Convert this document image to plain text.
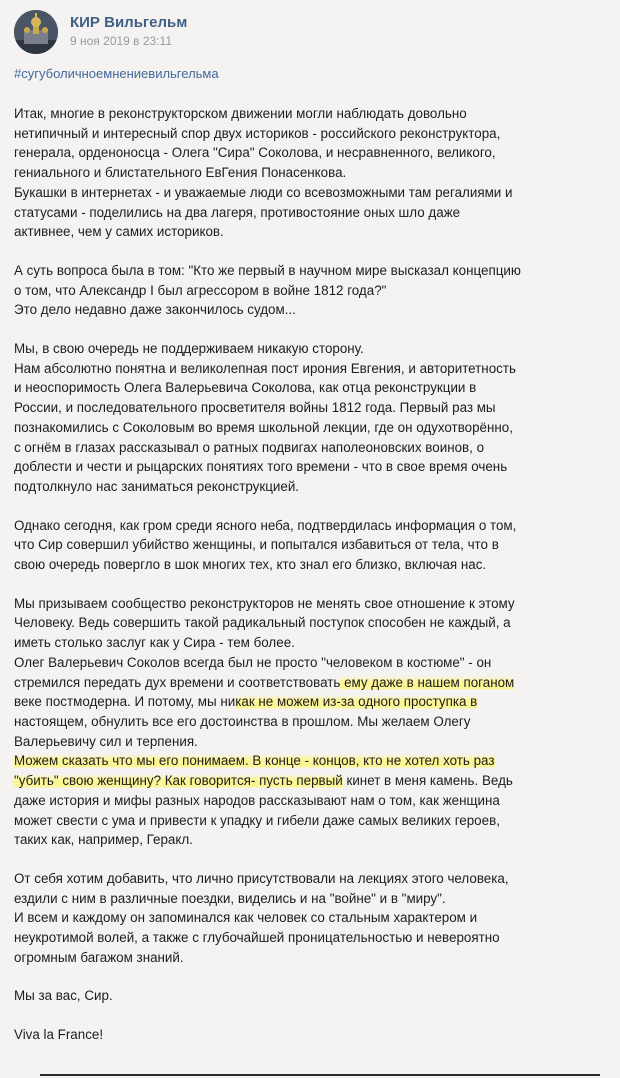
КИР Вильгельм
9 ноя 2019 в 23:11
#сугуболичноемнениевильгельма
Итак, многие в реконструкторском движении могли наблюдать довольно
нетипичный и интересный спор двух историков - российского реконструктора,
генерала, орденоносца - Олега "Сира" Соколова, и несравненного, великого,
гениального и блистательного ЕвГения Понасенкова.
Букашки в интернетах - и уважаемые люди со всевозможными там регалиями и
статусами - поделились на два лагеря, противостояние оных шло даже
активнее, чем у самих историков.
А суть вопроса была в том: "Кто же первый в научном мире высказал концепцию
о том, что Александр I был агрессором в войне 1812 года?"
Это дело недавно даже закончилось судом...
Мы, в свою очередь не поддерживаем никакую сторону.
Нам абсолютно понятна и великолепная пост ирония Евгения, и авторитетность
и неоспоримость Олега Валерьевича Соколова, как отца реконструкции в
России, и последовательного просветителя войны 1812 года. Первый раз мы
познакомились с Соколовым во время школьной лекции, где он одухотворённо,
с огнём в глазах рассказывал о ратных подвигах наполеоновских воинов, о
доблести и чести и рыцарских понятиях того времени - что в свое время очень
подтолкнуло нас заниматься реконструкцией.
Однако сегодня, как гром среди ясного неба, подтвердилась информация о том,
что Сир совершил убийство женщины, и попытался избавиться от тела, что в
свою очередь повергло в шок многих тех, кто знал его близко, включая нас.
Мы призываем сообщество реконструкторов не менять свое отношение к этому
Человеку. Ведь совершить такой радикальный поступок способен не каждый, а
иметь столько заслуг как у Сира - тем более.
Олег Валерьевич Соколов всегда был не просто "человеком в костюме" - он
стремился передать дух времени и соответствовать ему даже в нашем поганом
веке постмодерна. И потому, мы никак не можем из-за одного проступка в
настоящем, обнулить все его достоинства в прошлом. Мы желаем Олегу
Валерьевичу сил и терпения.
Можем сказать что мы его понимаем. В конце - концов, кто не хотел хоть раз
"убить" свою женщину? Как говорится- пусть первый кинет в меня камень. Ведь
даже история и мифы разных народов рассказывают нам о том, как женщина
может свести с ума и привести к упадку и гибели даже самых великих героев,
таких как, например, Геракл.
От себя хотим добавить, что лично присутствовали на лекциях этого человека,
ездили с ним в различные поездки, виделись и на "войне" и в "миру".
И всем и каждому он запоминался как человек со стальным характером и
неукротимой волей, а также с глубочайшей проницательностью и невероятно
огромным багажом знаний.
Мы за вас, Сир.
Viva la France!
